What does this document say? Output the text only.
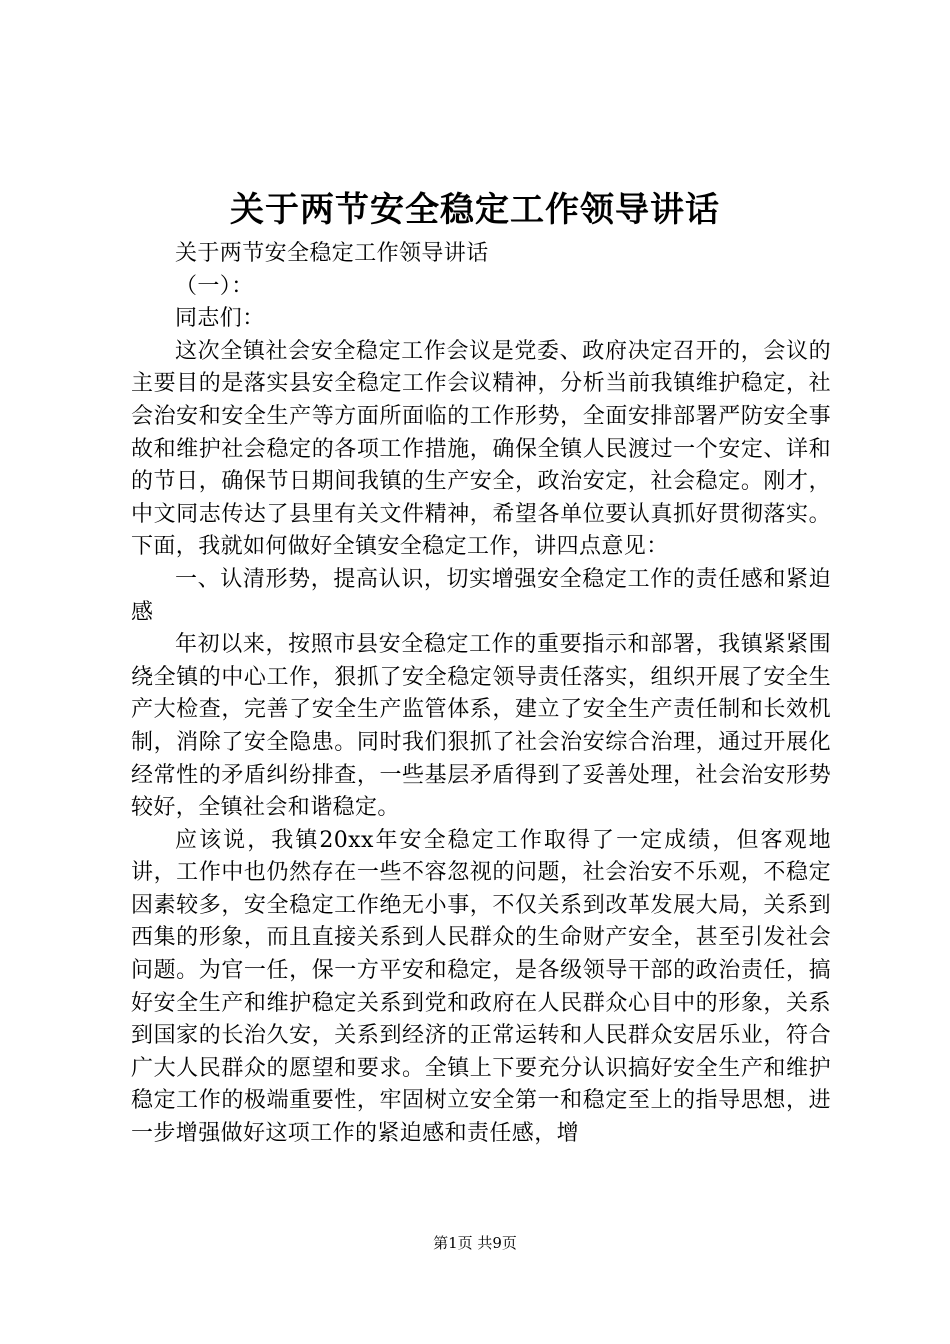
关于两节安全稳定工作领导讲话

关于两节安全稳定工作领导讲话

（一）：

同志们：

这次全镇社会安全稳定工作会议是党委、政府决定召开的，会议的主要目的是落实县安全稳定工作会议精神，分析当前我镇维护稳定，社会治安和安全生产等方面所面临的工作形势，全面安排部署严防安全事故和维护社会稳定的各项工作措施，确保全镇人民渡过一个安定、详和的节日，确保节日期间我镇的生产安全，政治安定，社会稳定。刚才，中文同志传达了县里有关文件精神，希望各单位要认真抓好贯彻落实。下面，我就如何做好全镇安全稳定工作，讲四点意见：

一、认清形势，提高认识，切实增强安全稳定工作的责任感和紧迫感

年初以来，按照市县安全稳定工作的重要指示和部署，我镇紧紧围绕全镇的中心工作，狠抓了安全稳定领导责任落实，组织开展了安全生产大检查，完善了安全生产监管体系，建立了安全生产责任制和长效机制，消除了安全隐患。同时我们狠抓了社会治安综合治理，通过开展化经常性的矛盾纠纷排查，一些基层矛盾得到了妥善处理，社会治安形势较好，全镇社会和谐稳定。

应该说，我镇20xx年安全稳定工作取得了一定成绩，但客观地讲，工作中也仍然存在一些不容忽视的问题，社会治安不乐观，不稳定因素较多，安全稳定工作绝无小事，不仅关系到改革发展大局，关系到西集的形象，而且直接关系到人民群众的生命财产安全，甚至引发社会问题。为官一任，保一方平安和稳定，是各级领导干部的政治责任，搞好安全生产和维护稳定关系到党和政府在人民群众心目中的形象，关系到国家的长治久安，关系到经济的正常运转和人民群众安居乐业，符合广大人民群众的愿望和要求。全镇上下要充分认识搞好安全生产和维护稳定工作的极端重要性，牢固树立安全第一和稳定至上的指导思想，进一步增强做好这项工作的紧迫感和责任感，增

第1页 共9页
